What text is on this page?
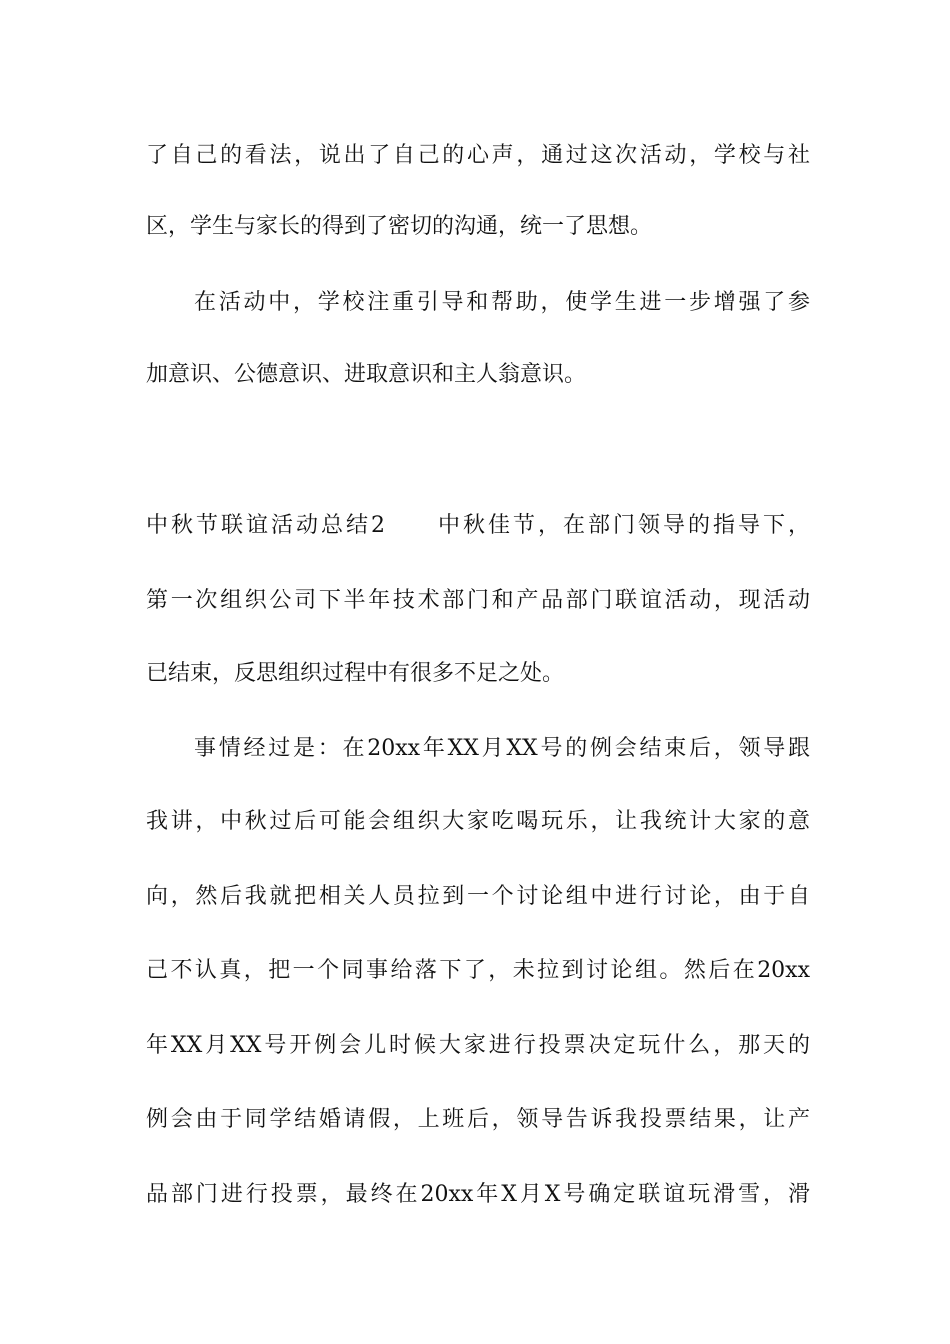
了自己的看法，说出了自己的心声，通过这次活动，学校与社
区，学生与家长的得到了密切的沟通，统一了思想。
在活动中，学校注重引导和帮助，使学生进一步增强了参
加意识、公德意识、进取意识和主人翁意识。
中秋节联谊活动总结2　　中秋佳节，在部门领导的指导下，
第一次组织公司下半年技术部门和产品部门联谊活动，现活动
已结束，反思组织过程中有很多不足之处。
事情经过是：在20xx年XX月XX号的例会结束后，领导跟
我讲，中秋过后可能会组织大家吃喝玩乐，让我统计大家的意
向，然后我就把相关人员拉到一个讨论组中进行讨论，由于自
己不认真，把一个同事给落下了，未拉到讨论组。然后在20xx
年XX月XX号开例会儿时候大家进行投票决定玩什么，那天的
例会由于同学结婚请假，上班后，领导告诉我投票结果，让产
品部门进行投票，最终在20xx年X月X号确定联谊玩滑雪，滑
